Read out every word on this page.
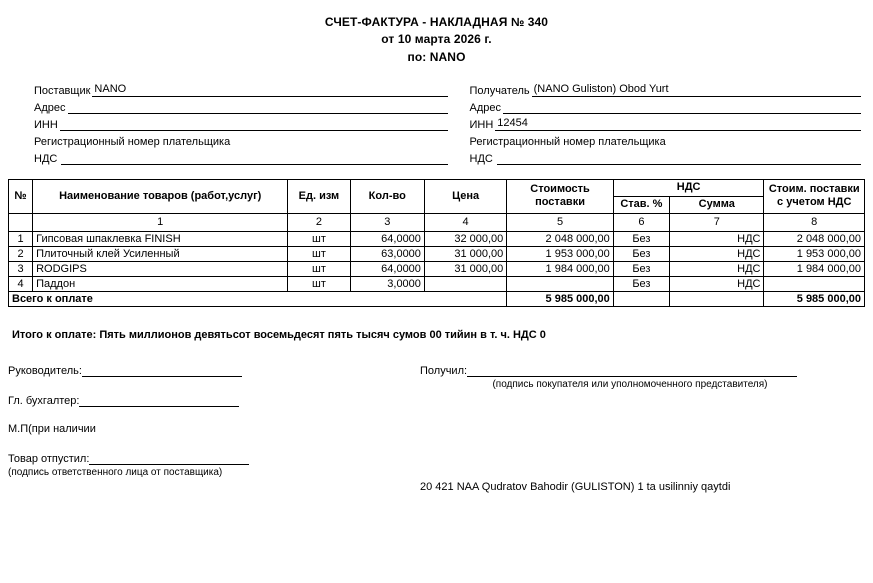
СЧЕТ-ФАКТУРА - НАКЛАДНАЯ № 340
от 10 марта 2026 г.
по: NANO
Поставщик NANO
Адрес
ИНН
Регистрационный номер плательщика
НДС
Получатель (NANO Guliston) Obod Yurt
Адрес
ИНН 12454
Регистрационный номер плательщика
НДС
№	Наименование товаров (работ,услуг)	Ед. изм	Кол-во	Цена	Стоимость поставки	НДС		Стоим. поставки с учетом НДС
						Став. %	Сумма	
	1	2	3	4	5	6	7	8
1	Гипсовая шпаклевка FINISH	шт	64,0000	32 000,00	2 048 000,00	Без	НДС	2 048 000,00
2	Плиточный клей Усиленный	шт	63,0000	31 000,00	1 953 000,00	Без	НДС	1 953 000,00
3	RODGIPS	шт	64,0000	31 000,00	1 984 000,00	Без	НДС	1 984 000,00
4	Паддон	шт	3,0000			Без	НДС	
Всего к оплате					5 985 000,00			5 985 000,00
Итого к оплате: Пять миллионов девятьсот восемьдесят пять тысяч сумов 00 тийин в т. ч. НДС 0
Руководитель:
Гл. бухгалтер:
М.П(при наличии
Товар отпустил:
(подпись ответственного лица от поставщика)
Получил:
(подпись покупателя или уполномоченного представителя)
20 421 NAA Qudratov Bahodir (GULISTON) 1 ta usilinniy qaytdi
